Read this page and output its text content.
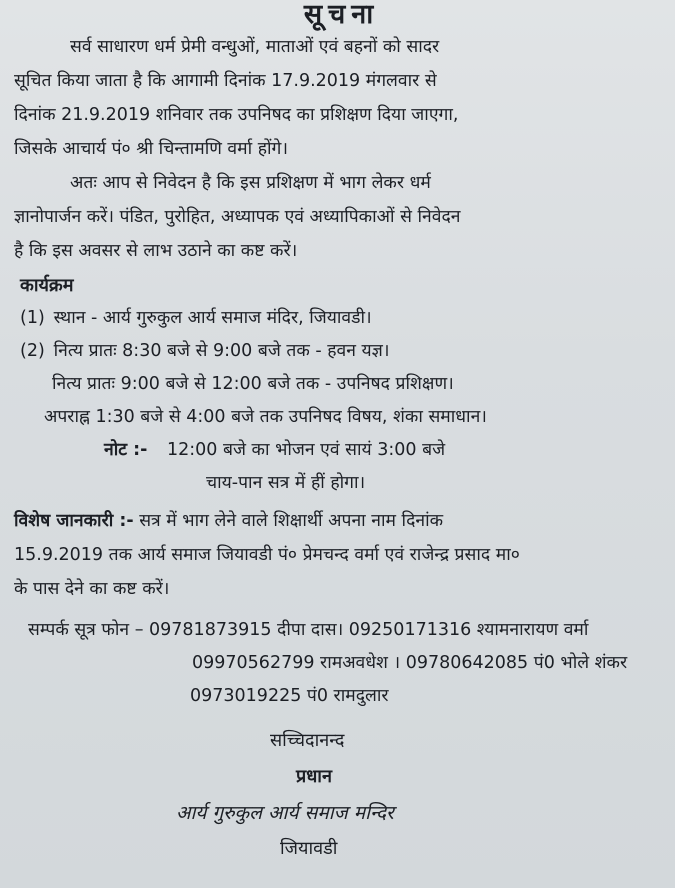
सूचना

सर्व साधारण धर्म प्रेमी वन्धुओं, माताओं एवं बहनों को सादर
सूचित किया जाता है कि आगामी दिनांक 17.9.2019 मंगलवार से
दिनांक 21.9.2019 शनिवार तक उपनिषद का प्रशिक्षण दिया जाएगा,
जिसके आचार्य पं० श्री चिन्तामणि वर्मा होंगे।

अतः आप से निवेदन है कि इस प्रशिक्षण में भाग लेकर धर्म
ज्ञानोपार्जन करें। पंडित, पुरोहित, अध्यापक एवं अध्यापिकाओं से निवेदन
है कि इस अवसर से लाभ उठाने का कष्ट करें।

कार्यक्रम
(1) स्थान - आर्य गुरुकुल आर्य समाज मंदिर, जियावडी।
(2) नित्य प्रातः 8:30 बजे से 9:00 बजे तक - हवन यज्ञ।
नित्य प्रातः 9:00 बजे से 12:00 बजे तक - उपनिषद प्रशिक्षण।
अपराह्न 1:30 बजे से 4:00 बजे तक उपनिषद विषय, शंका समाधान।
नोट :- 12:00 बजे का भोजन एवं सायं 3:00 बजे
चाय-पान सत्र में हीं होगा।
विशेष जानकारी :- सत्र में भाग लेने वाले शिक्षार्थी अपना नाम दिनांक
15.9.2019 तक आर्य समाज जियावडी पं० प्रेमचन्द वर्मा एवं राजेन्द्र प्रसाद मा०
के पास देने का कष्ट करें।
सम्पर्क सूत्र फोन – 09781873915 दीपा दास। 09250171316 श्यामनारायण वर्मा
09970562799 रामअवधेश । 09780642085 पं0 भोले शंकर
0973019225 पं0 रामदुलार
सच्चिदानन्द
प्रधान
आर्य गुरुकुल आर्य समाज मन्दिर
जियावडी
